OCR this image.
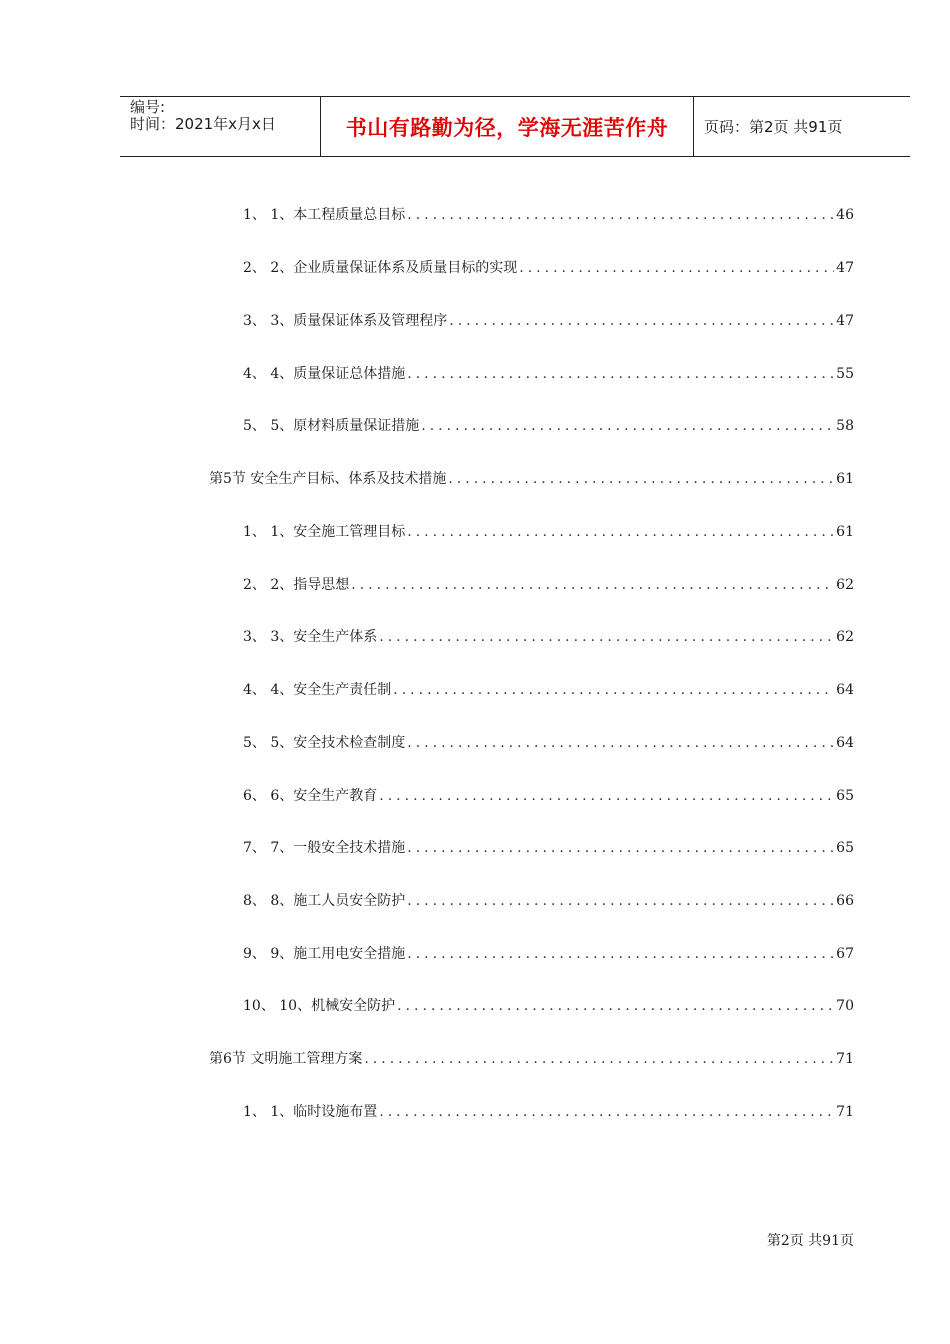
编号:
时间：2021年x月x日	书山有路勤为径，学海无涯苦作舟 页码：第2页 共91页
1、 1、本工程质量总目标 .....	46
2、 2、企业质量保证体系及质量目标的实现 .....	47
3、 3、质量保证体系及管理程序 .....	47
4、 4、质量保证总体措施 .....	55
5、 5、原材料质量保证措施 .....	58
第5节 安全生产目标、体系及技术措施 .....	61
1、 1、安全施工管理目标 .....	61
2、 2、指导思想 .....	62
3、 3、安全生产体系 .....	62
4、 4、安全生产责任制 .....	64
5、 5、安全技术检查制度 .....	64
6、 6、安全生产教育 .....	65
7、 7、一般安全技术措施 .....	65
8、 8、施工人员安全防护 .....	66
9、 9、施工用电安全措施 .....	67
10、 10、机械安全防护 .....	70
第6节 文明施工管理方案 .....	71
1、 1、临时设施布置 .....	71
第2页 共91页
